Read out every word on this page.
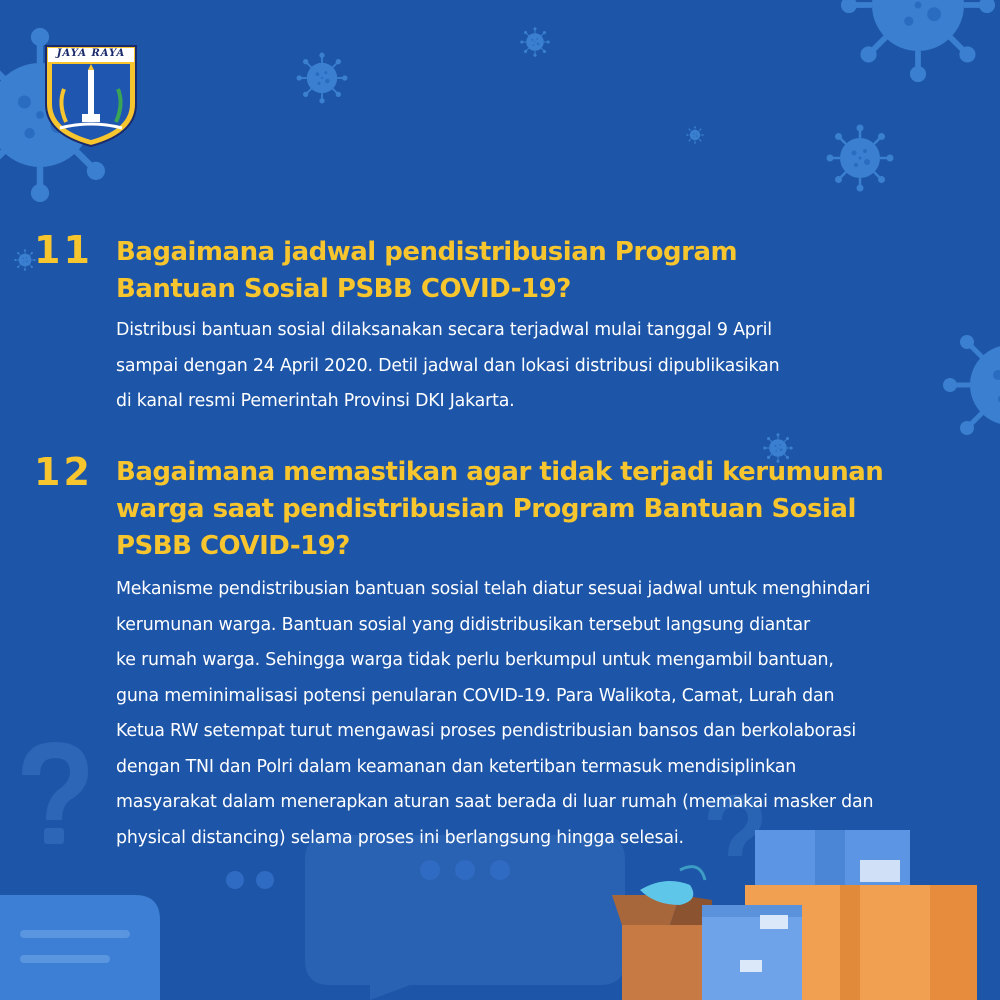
JAYA RAYA
11 Bagaimana jadwal pendistribusian Program
Bantuan Sosial PSBB COVID-19?
Distribusi bantuan sosial dilaksanakan secara terjadwal mulai tanggal 9 April
sampai dengan 24 April 2020. Detil jadwal dan lokasi distribusi dipublikasikan
di kanal resmi Pemerintah Provinsi DKI Jakarta.
12 Bagaimana memastikan agar tidak terjadi kerumunan
warga saat pendistribusian Program Bantuan Sosial
PSBB COVID-19?
Mekanisme pendistribusian bantuan sosial telah diatur sesuai jadwal untuk menghindari
kerumunan warga. Bantuan sosial yang didistribusikan tersebut langsung diantar
ke rumah warga. Sehingga warga tidak perlu berkumpul untuk mengambil bantuan,
guna meminimalisasi potensi penularan COVID-19. Para Walikota, Camat, Lurah dan
Ketua RW setempat turut mengawasi proses pendistribusian bansos dan berkolaborasi
dengan TNI dan Polri dalam keamanan dan ketertiban termasuk mendisiplinkan
masyarakat dalam menerapkan aturan saat berada di luar rumah (memakai masker dan
physical distancing) selama proses ini berlangsung hingga selesai.
